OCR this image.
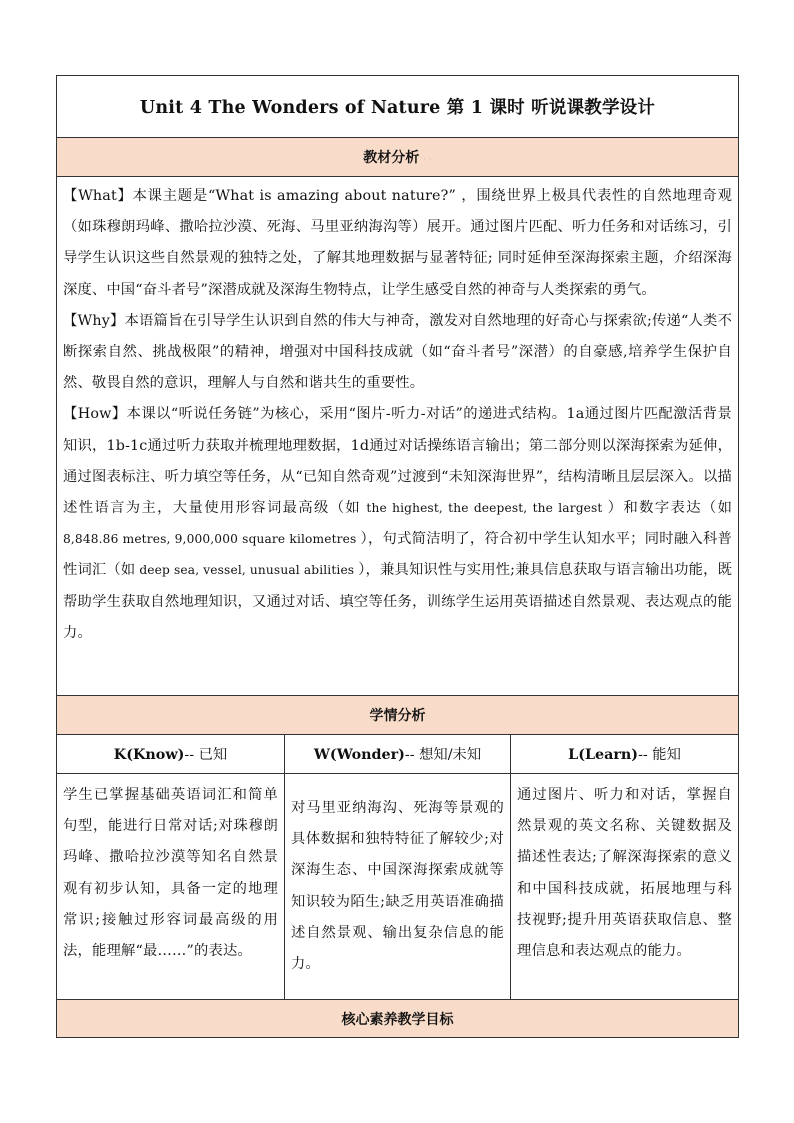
Unit 4 The Wonders of Nature 第 1 课时 听说课教学设计		
教材分析 · ·		

【What】本课主题是“What is amazing about nature?” ，围绕世界上极具代表性的自然地理奇观（如珠穆朗玛峰、撒哈拉沙漠、死海、马里亚纳海沟等）展开。通过图片匹配、听力任务和对话练习，引导学生认识这些自然景观的独特之处，了解其地理数据与显著特征; 同时延伸至深海探索主题，介绍深海深度、中国“奋斗者号”深潜成就及深海生物特点，让学生感受自然的神奇与人类探索的勇气。

【Why】本语篇旨在引导学生认识到自然的伟大与神奇，激发对自然地理的好奇心与探索欲;传递“人类不断探索自然、挑战极限”的精神，增强对中国科技成就（如“奋斗者号”深潜）的自豪感,培养学生保护自然、敬畏自然的意识，理解人与自然和谐共生的重要性。

【How】本课以“听说任务链”为核心，采用“图片-听力-对话”的递进式结构。1a通过图片匹配激活背景知识，1b-1c通过听力获取并梳理地理数据，1d通过对话操练语言输出；第二部分则以深海探索为延伸，通过图表标注、听力填空等任务，从“已知自然奇观”过渡到“未知深海世界”，结构清晰且层层深入。以描述性语言为主，大量使用形容词最高级（如 the highest, the deepest, the largest ）和数字表达（如 8,848.86 metres, 9,000,000 square kilometres ），句式简洁明了，符合初中学生认知水平；同时融入科普性词汇（如 deep sea, vessel, unusual abilities ），兼具知识性与实用性;兼具信息获取与语言输出功能，既帮助学生获取自然地理知识，又通过对话、填空等任务，训练学生运用英语描述自然景观、表达观点的能力。		

学情分析		
K(Know)-- 已知	W(Wonder)-- 想知/未知	L(Learn)-- 能知
学生已掌握基础英语词汇和简单句型，能进行日常对话;对珠穆朗玛峰、撒哈拉沙漠等知名自然景观有初步认知，具备一定的地理常识;接触过形容词最高级的用法，能理解“最……”的表达。	对马里亚纳海沟、死海等景观的具体数据和独特特征了解较少;对深海生态、中国深海探索成就等知识较为陌生;缺乏用英语准确描述自然景观、输出复杂信息的能力。	通过图片、听力和对话，掌握自然景观的英文名称、关键数据及描述性表达;了解深海探索的意义和中国科技成就，拓展地理与科技视野;提升用英语获取信息、整理信息和表达观点的能力。
核心素养教学目标		
